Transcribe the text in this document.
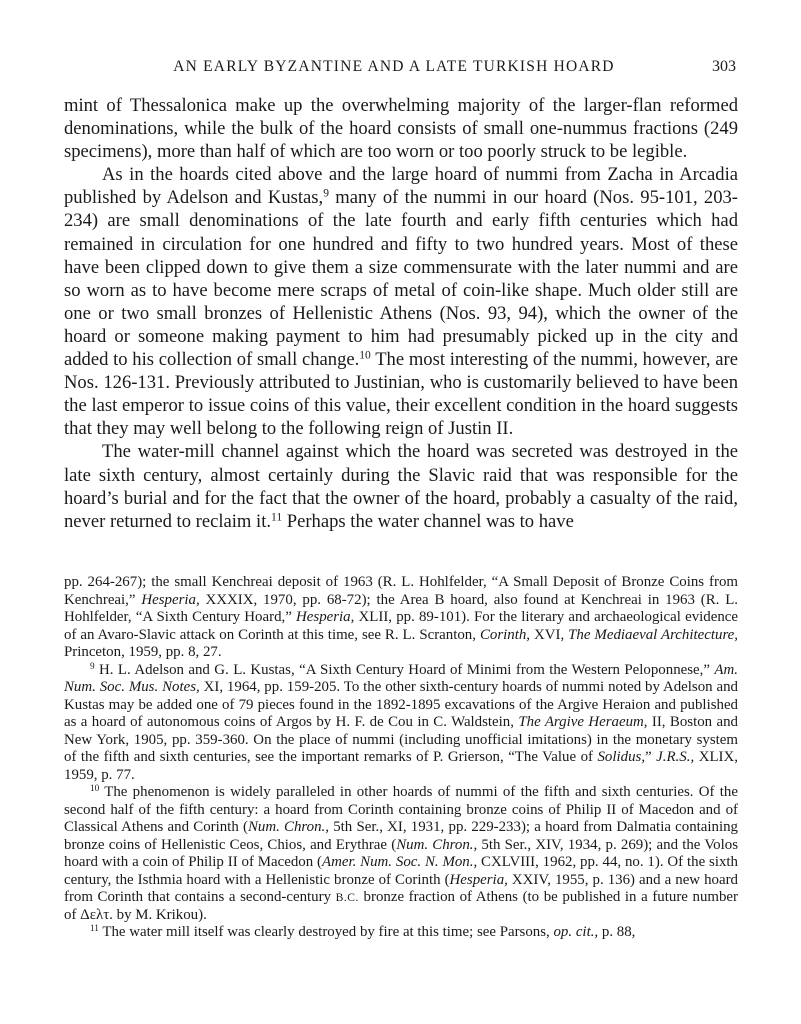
AN EARLY BYZANTINE AND A LATE TURKISH HOARD	303

mint of Thessalonica make up the overwhelming majority of the larger-flan reformed denominations, while the bulk of the hoard consists of small one-nummus fractions (249 specimens), more than half of which are too worn or too poorly struck to be legible.

As in the hoards cited above and the large hoard of nummi from Zacha in Arcadia published by Adelson and Kustas,$^9$ many of the nummi in our hoard (Nos. 95-101, 203-234) are small denominations of the late fourth and early fifth centuries which had remained in circulation for one hundred and fifty to two hundred years. Most of these have been clipped down to give them a size commensurate with the later nummi and are so worn as to have become mere scraps of metal of coin-like shape. Much older still are one or two small bronzes of Hellenistic Athens (Nos. 93, 94), which the owner of the hoard or someone making payment to him had presumably picked up in the city and added to his collection of small change.$^{10}$ The most interesting of the nummi, however, are Nos. 126-131. Previously attributed to Justinian, who is customarily believed to have been the last emperor to issue coins of this value, their excellent condition in the hoard suggests that they may well belong to the following reign of Justin II.

The water-mill channel against which the hoard was secreted was destroyed in the late sixth century, almost certainly during the Slavic raid that was responsible for the hoard’s burial and for the fact that the owner of the hoard, probably a casualty of the raid, never returned to reclaim it.$^{11}$ Perhaps the water channel was to have

pp. 264-267); the small Kenchreai deposit of 1963 (R. L. Hohlfelder, “A Small Deposit of Bronze Coins from Kenchreai,” Hesperia, XXXIX, 1970, pp. 68-72); the Area B hoard, also found at Kenchreai in 1963 (R. L. Hohlfelder, “A Sixth Century Hoard,” Hesperia, XLII, pp. 89-101). For the literary and archaeological evidence of an Avaro-Slavic attack on Corinth at this time, see R. L. Scranton, Corinth, XVI, The Mediaeval Architecture, Princeton, 1959, pp. 8, 27.

$^9$ H. L. Adelson and G. L. Kustas, “A Sixth Century Hoard of Minimi from the Western Peloponnese,” Am. Num. Soc. Mus. Notes, XI, 1964, pp. 159-205. To the other sixth-century hoards of nummi noted by Adelson and Kustas may be added one of 79 pieces found in the 1892-1895 excavations of the Argive Heraion and published as a hoard of autonomous coins of Argos by H. F. de Cou in C. Waldstein, The Argive Heraeum, II, Boston and New York, 1905, pp. 359-360. On the place of nummi (including unofficial imitations) in the monetary system of the fifth and sixth centuries, see the important remarks of P. Grierson, “The Value of Solidus,” J.R.S., XLIX, 1959, p. 77.

$^{10}$ The phenomenon is widely paralleled in other hoards of nummi of the fifth and sixth centuries. Of the second half of the fifth century: a hoard from Corinth containing bronze coins of Philip II of Macedon and of Classical Athens and Corinth (Num. Chron., 5th Ser., XI, 1931, pp. 229-233); a hoard from Dalmatia containing bronze coins of Hellenistic Ceos, Chios, and Erythrae (Num. Chron., 5th Ser., XIV, 1934, p. 269); and the Volos hoard with a coin of Philip II of Macedon (Amer. Num. Soc. N. Mon., CXLVIII, 1962, pp. 44, no. 1). Of the sixth century, the Isthmia hoard with a Hellenistic bronze of Corinth (Hesperia, XXIV, 1955, p. 136) and a new hoard from Corinth that contains a second-century B.C. bronze fraction of Athens (to be published in a future number of Δελτ. by M. Krikou).

$^{11}$ The water mill itself was clearly destroyed by fire at this time; see Parsons, op. cit., p. 88,
